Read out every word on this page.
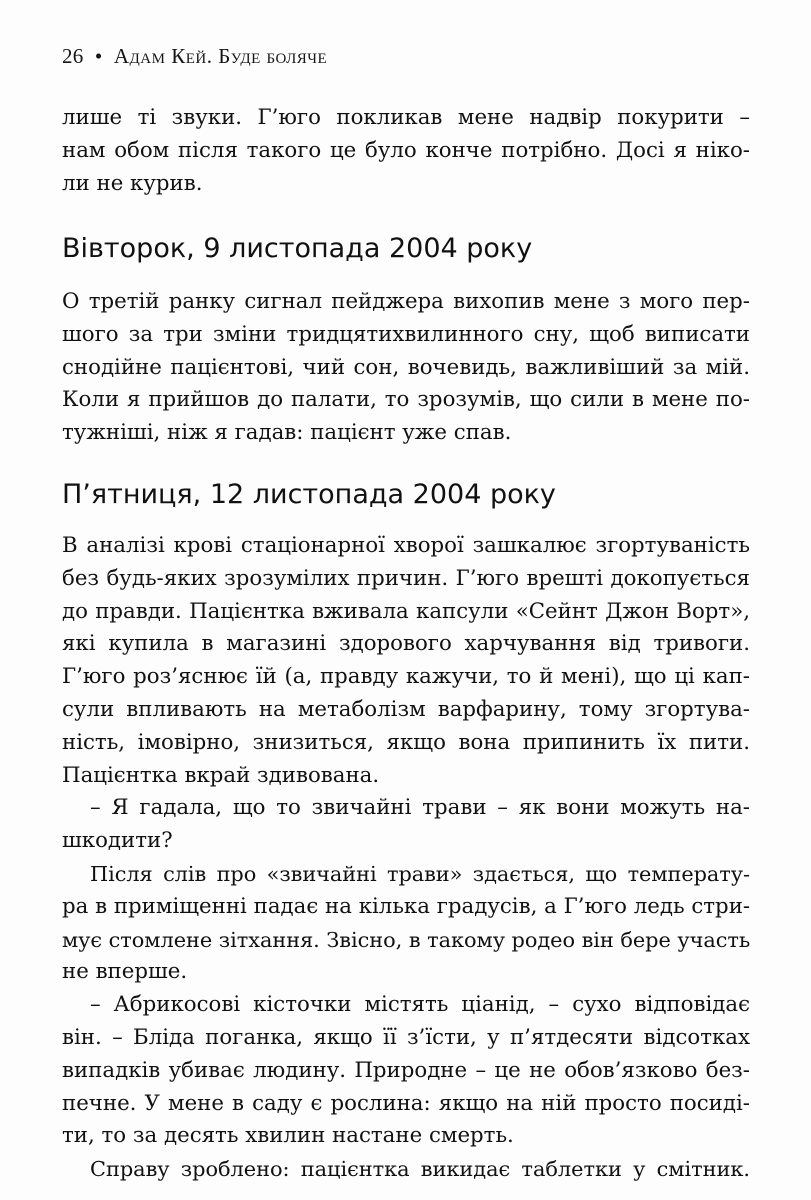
26 • Адам Кей. Буде боляче
лише ті звуки. Г’юго покликав мене надвір покурити –
нам обом після такого це було конче потрібно. Досі я ніко-
ли не курив.
Вівторок, 9 листопада 2004 року
О третій ранку сигнал пейджера вихопив мене з мого пер-
шого за три зміни тридцятихвилинного сну, щоб виписати
снодійне пацієнтові, чий сон, вочевидь, важливіший за мій.
Коли я прийшов до палати, то зрозумів, що сили в мене по-
тужніші, ніж я гадав: пацієнт уже спав.
П’ятниця, 12 листопада 2004 року
В аналізі крові стаціонарної хворої зашкалює згортуваність
без будь-яких зрозумілих причин. Г’юго врешті докопується
до правди. Пацієнтка вживала капсули «Сейнт Джон Ворт»,
які купила в магазині здорового харчування від тривоги.
Г’юго роз’яснює їй (а, правду кажучи, то й мені), що ці кап-
сули впливають на метаболізм варфарину, тому згортува-
ність, імовірно, знизиться, якщо вона припинить їх пити.
Пацієнтка вкрай здивована.
– Я гадала, що то звичайні трави – як вони можуть на-
шкодити?
Після слів про «звичайні трави» здається, що температу-
ра в приміщенні падає на кілька градусів, а Г’юго ледь стри-
мує стомлене зітхання. Звісно, в такому родео він бере участь
не вперше.
– Абрикосові кісточки містять ціанід, – сухо відповідає
він. – Бліда поганка, якщо її з’їсти, у п’ятдесяти відсотках
випадків убиває людину. Природне – це не обов’язково без-
печне. У мене в саду є рослина: якщо на ній просто посиді-
ти, то за десять хвилин настане смерть.
Справу зроблено: пацієнтка викидає таблетки у смітник.
